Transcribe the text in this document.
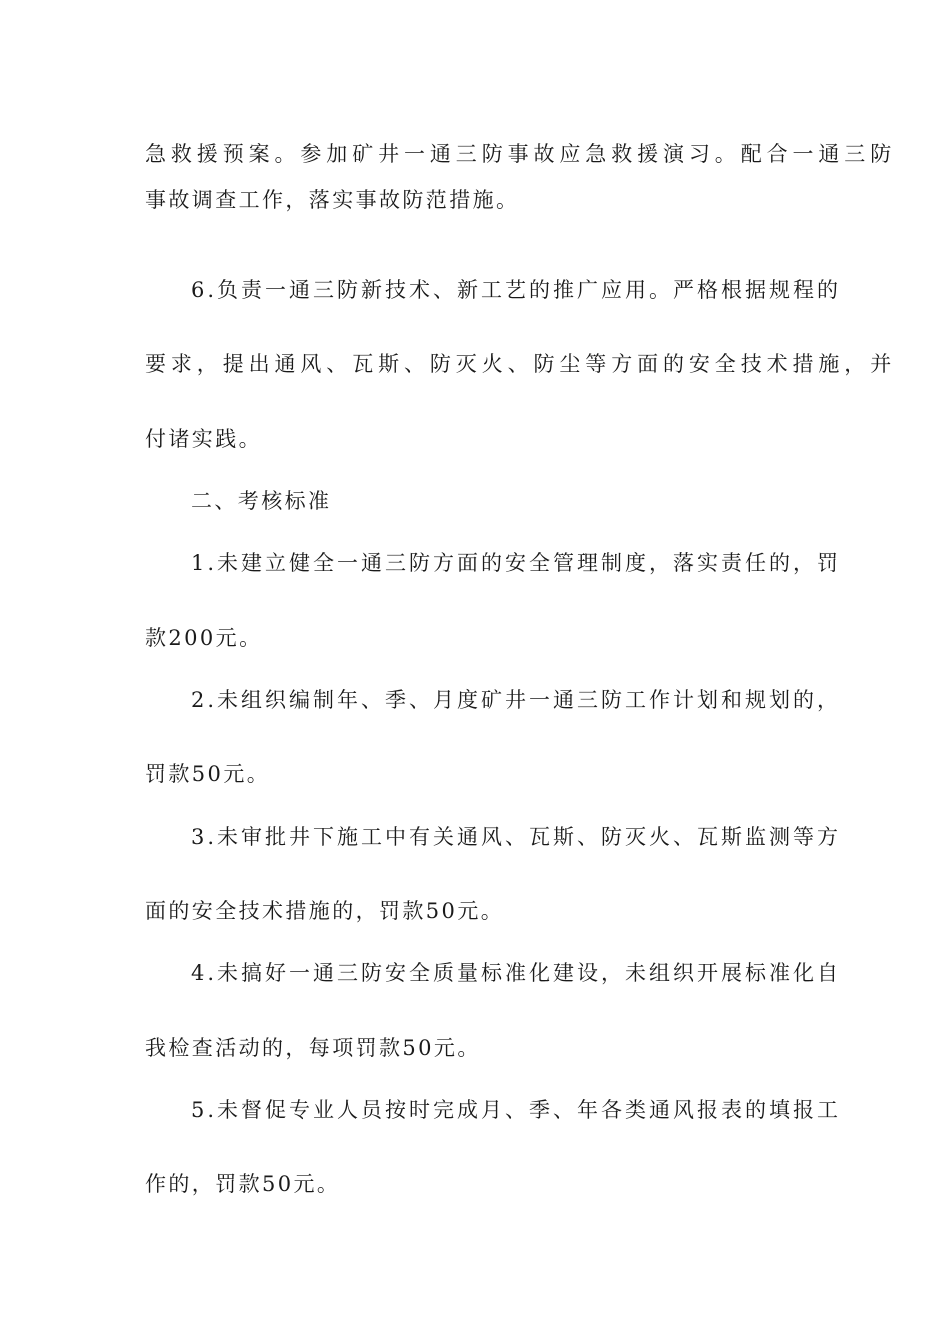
急救援预案。参加矿井一通三防事故应急救援演习。配合一通三防
事故调查工作，落实事故防范措施。
6.负责一通三防新技术、新工艺的推广应用。严格根据规程的
要求，提出通风、瓦斯、防灭火、防尘等方面的安全技术措施，并
付诸实践。
二、考核标准
1.未建立健全一通三防方面的安全管理制度，落实责任的，罚
款200元。
2.未组织编制年、季、月度矿井一通三防工作计划和规划的，
罚款50元。
3.未审批井下施工中有关通风、瓦斯、防灭火、瓦斯监测等方
面的安全技术措施的，罚款50元。
4.未搞好一通三防安全质量标准化建设，未组织开展标准化自
我检查活动的，每项罚款50元。
5.未督促专业人员按时完成月、季、年各类通风报表的填报工
作的，罚款50元。
